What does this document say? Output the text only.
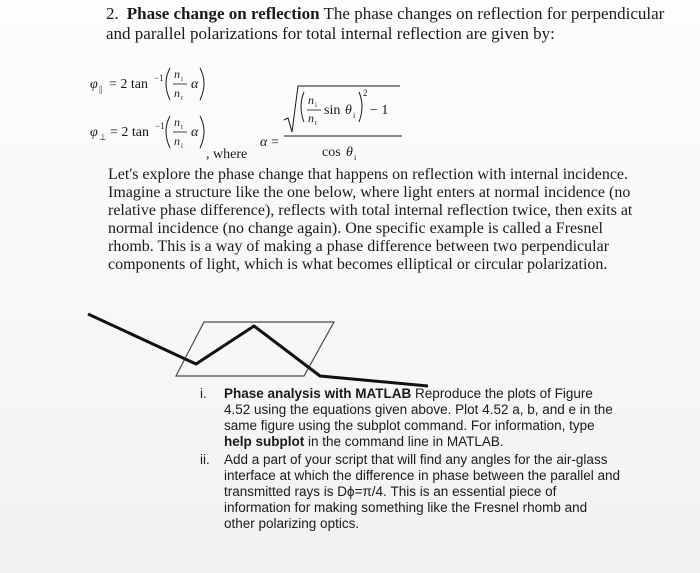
2. Phase change on reflection The phase changes on reflection for perpendicular and parallel polarizations for total internal reflection are given by:
φ || = 2 tan −1 n i
n t
α
φ ⊥ = 2 tan −1 n t
n i
α
, where
α =
n i
n t
sin θ i
2
− 1
cos θ i
Let's explore the phase change that happens on reflection with internal incidence. Imagine a structure like the one below, where light enters at normal incidence (no relative phase difference), reflects with total internal reflection twice, then exits at normal incidence (no change again). One specific example is called a Fresnel rhomb. This is a way of making a phase difference between two perpendicular components of light, which is what becomes elliptical or circular polarization.
i.	Phase analysis with MATLAB Reproduce the plots of Figure 4.52 using the equations given above. Plot 4.52 a, b, and e in the same figure using the subplot command. For information, type help subplot in the command line in MATLAB.
ii.	Add a part of your script that will find any angles for the air-glass interface at which the difference in phase between the parallel and transmitted rays is Dϕ=π/4. This is an essential piece of information for making something like the Fresnel rhomb and other polarizing optics.
